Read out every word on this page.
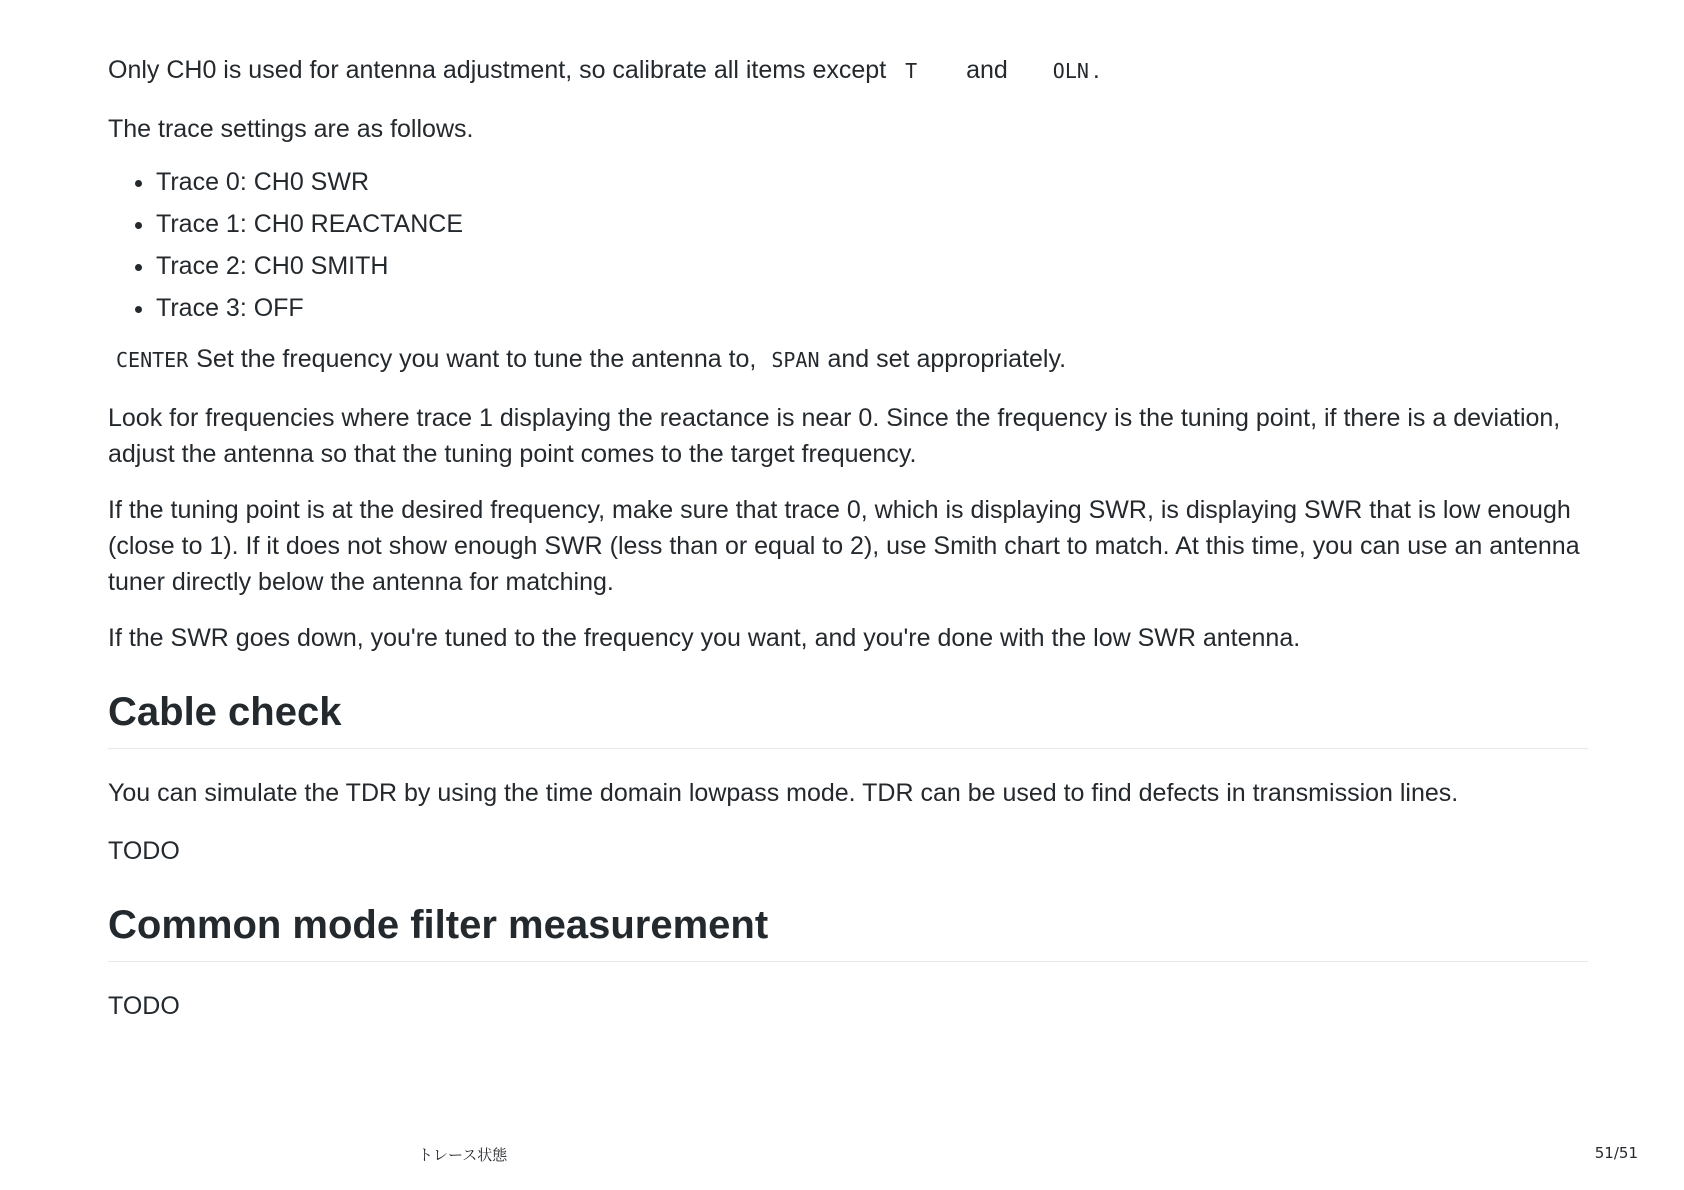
Only CH0 is used for antenna adjustment, so calibrate all items except T and OLN .

The trace settings are as follows.

• Trace 0: CH0 SWR
• Trace 1: CH0 REACTANCE
• Trace 2: CH0 SMITH
• Trace 3: OFF

CENTER Set the frequency you want to tune the antenna to, SPAN and set appropriately.

Look for frequencies where trace 1 displaying the reactance is near 0. Since the frequency is the tuning point, if there is a deviation, adjust the antenna so that the tuning point comes to the target frequency.

If the tuning point is at the desired frequency, make sure that trace 0, which is displaying SWR, is displaying SWR that is low enough (close to 1). If it does not show enough SWR (less than or equal to 2), use Smith chart to match. At this time, you can use an antenna tuner directly below the antenna for matching.

If the SWR goes down, you're tuned to the frequency you want, and you're done with the low SWR antenna.

Cable check

You can simulate the TDR by using the time domain lowpass mode. TDR can be used to find defects in transmission lines.

TODO

Common mode filter measurement

TODO

トレース状態	51/51
